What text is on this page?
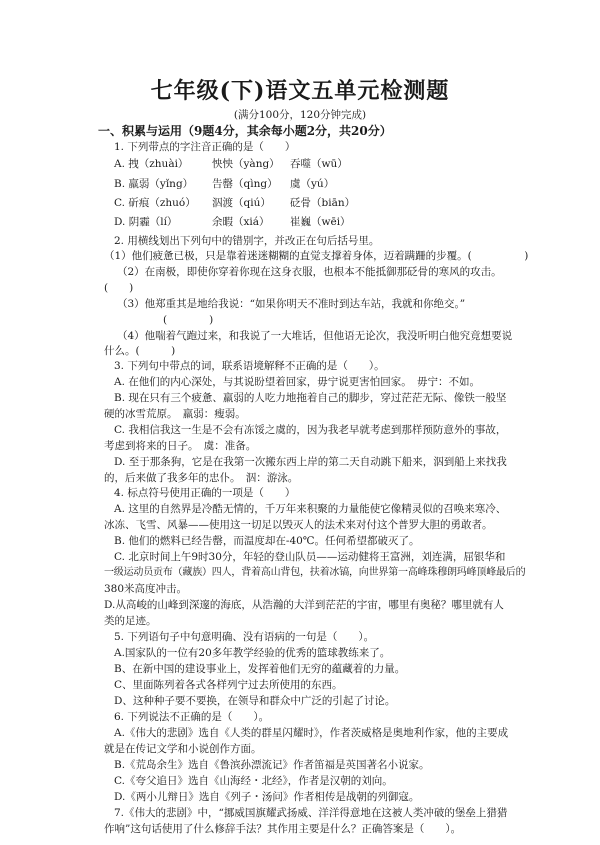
七年级(下)语文五单元检测题
(满分100分，120分钟完成)
一、积累与运用（9题4分，其余每小题2分，共20分）
1. 下列带点的字注音正确的是（　　）
A. 拽（zhuài） 怏怏（yàng） 吞噬（wū）
B. 羸弱（yǐng） 告罄（qìng） 虞（yú）
C. 斫痕（zhuó） 泅渡（qiú） 砭骨（biān）
D. 阴霾（lí）	余暇（xiá） 崔巍（wēi）
2. 用横线划出下列句中的错别字，并改正在句后括号里。
（1）他们疲惫已极，只是靠着迷迷糊糊的直觉支撑着身体，迈着蹒跚的步覆。(　　　　　)
（2）在南极，即使你穿着你现在这身衣服，也根本不能抵御那砭骨的寒风的攻击。
(　　)
（3）他郑重其是地给我说：“如果你明天不准时到达车站，我就和你绝交。”
(　　　　)
（4）他喘着气跑过来，和我说了一大堆话，但他语无论次，我没听明白他究竟想要说
什么。(　　　)
3. 下列句中带点的词，联系语境解释不正确的是（　　）。
A. 在他们的内心深处，与其说盼望着回家，毋宁说更害怕回家。　毋宁：不如。
B. 现在只有三个疲惫、羸弱的人吃力地拖着自己的脚步，穿过茫茫无际、像铁一般坚
硬的冰雪荒原。　羸弱：瘦弱。
C. 我相信我这一生是不会有冻馁之虞的，因为我老早就考虑到那样预防意外的事故，
考虑到将来的日子。　虞：准备。
D. 至于那条狗，它是在我第一次搬东西上岸的第二天自动跳下船来，泅到船上来找我
的，后来做了我多年的忠仆。　泅：游泳。
4. 标点符号使用正确的一项是（　　）
A. 这里的自然界是冷酷无情的，千万年来积聚的力量能使它像精灵似的召唤来寒冷、
冰冻、飞雪、风暴——使用这一切足以毁灭人的法术来对付这个普罗大胆的勇敢者。
B. 他们的燃料已经告罄，而温度却在-40℃。任何希望都破灭了。
C. 北京时间上午9时30分，年轻的登山队员——运动健将王富洲，刘连满，屈银华和
一级运动员贡布（藏族）四人，背着高山背包，扶着冰镐，向世界第一高峰珠穆朗玛峰顶峰最后的
380米高度冲击。
D.从高峻的山峰到深邃的海底，从浩瀚的大洋到茫茫的宇宙，哪里有奥秘？哪里就有人
类的足迹。
5. 下列语句子中句意明确、没有语病的一句是（　　）。
A.国家队的一位有20多年教学经验的优秀的篮球教练来了。
B、在新中国的建设事业上，发挥着他们无穷的蕴藏着的力量。
C、里面陈列着各式各样列宁过去所使用的东西。
D、这种种子要不要换，在领导和群众中广泛的引起了讨论。
6. 下列说法不正确的是（　　）。
A.《伟大的悲剧》选自《人类的群星闪耀时》，作者茨威格是奥地利作家，他的主要成
就是在传记文学和小说创作方面。
B.《荒岛余生》选自《鲁滨孙漂流记》作者笛福是英国著名小说家。
C.《夸父追日》选自《山海经・北经》，作者是汉朝的刘向。
D.《两小儿辩日》选自《列子・汤问》作者相传是战朝的列御寇。
7.《伟大的悲剧》中，“挪威国旗耀武扬威、洋洋得意地在这被人类冲破的堡垒上猎猎
作响”这句话使用了什么修辞手法？其作用主要是什么？正确答案是（　　）。
